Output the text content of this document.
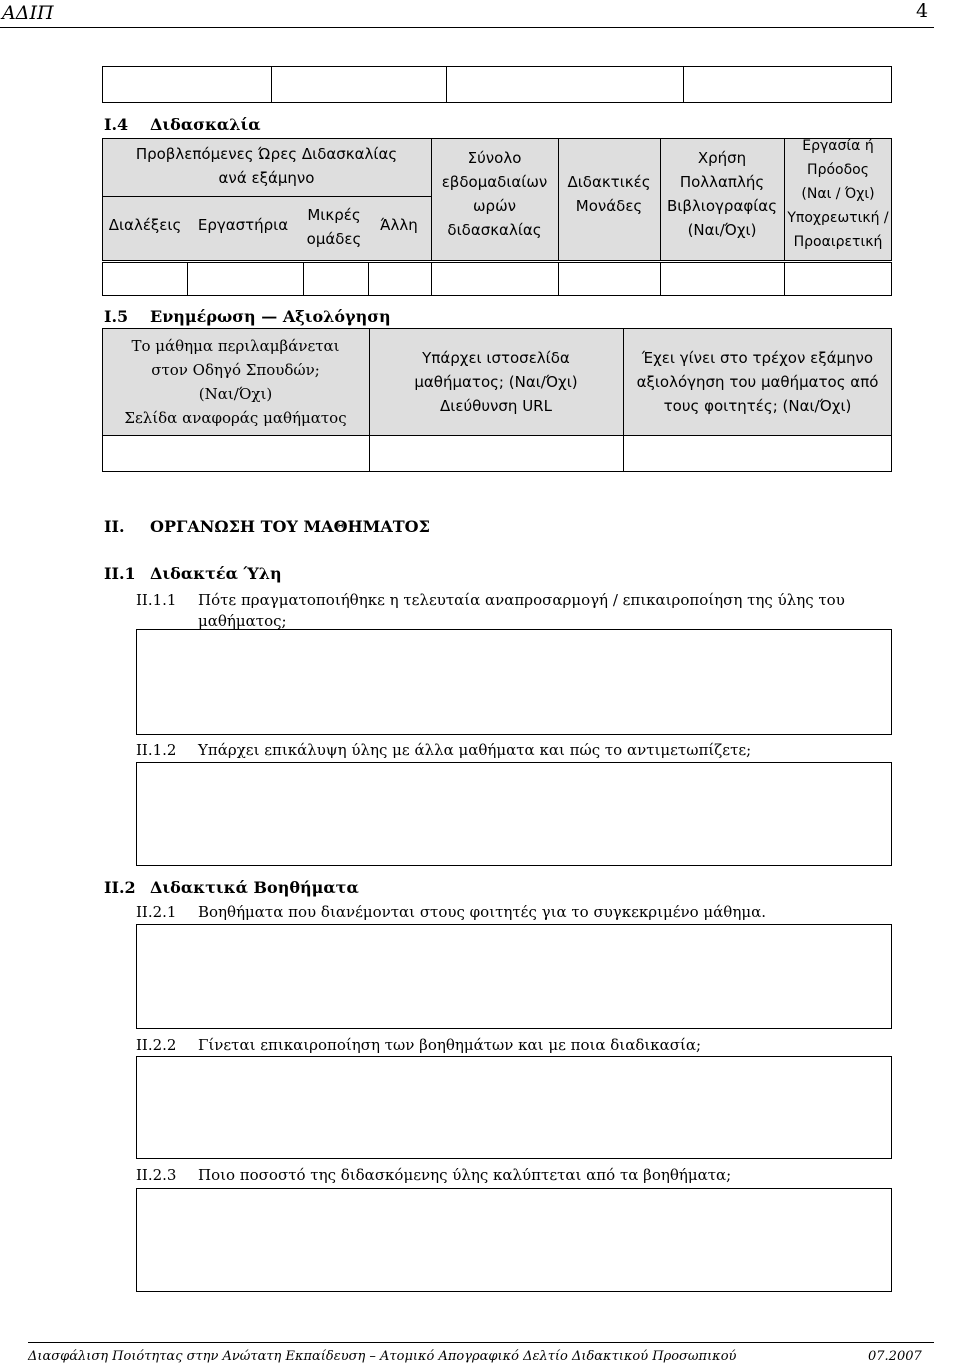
ΑΔΙΠ	4
I.4 Διδασκαλία
Προβλεπόμενες Ώρες Διδασκαλίας
ανά εξάμηνο
Διαλέξεις Εργαστήρια
Μικρές
ομάδες
Άλλη
Σύνολο
εβδομαδιαίων
ωρών
διδασκαλίας
Διδακτικές
Μονάδες
Χρήση
Πολλαπλής
Βιβλιογραφίας
(Ναι/Όχι)
Εργασία ή Πρόοδος
(Ναι / Όχι)
Υποχρεωτική /
Προαιρετική
I.5 Ενημέρωση — Αξιολόγηση
Το μάθημα περιλαμβάνεται
στον Οδηγό Σπουδών;
(Ναι/Όχι)
Σελίδα αναφοράς μαθήματος
Υπάρχει ιστοσελίδα
μαθήματος; (Ναι/Όχι)
Διεύθυνση URL
Έχει γίνει στο τρέχον εξάμηνο
αξιολόγηση του μαθήματος από
τους φοιτητές; (Ναι/Όχι)
II. ΟΡΓΑΝΩΣΗ ΤΟΥ ΜΑΘΗΜΑΤΟΣ
II.1 Διδακτέα Ύλη
II.1.1 Πότε πραγματοποιήθηκε η τελευταία αναπροσαρμογή / επικαιροποίηση της ύλης του
μαθήματος;
II.1.2 Υπάρχει επικάλυψη ύλης με άλλα μαθήματα και πώς το αντιμετωπίζετε;
II.2 Διδακτικά Βοηθήματα
II.2.1 Βοηθήματα που διανέμονται στους φοιτητές για το συγκεκριμένο μάθημα.
II.2.2 Γίνεται επικαιροποίηση των βοηθημάτων και με ποια διαδικασία;
II.2.3 Ποιο ποσοστό της διδασκόμενης ύλης καλύπτεται από τα βοηθήματα;
Διασφάλιση Ποιότητας στην Ανώτατη Εκπαίδευση – Ατομικό Απογραφικό Δελτίο Διδακτικού Προσωπικού	07.2007
